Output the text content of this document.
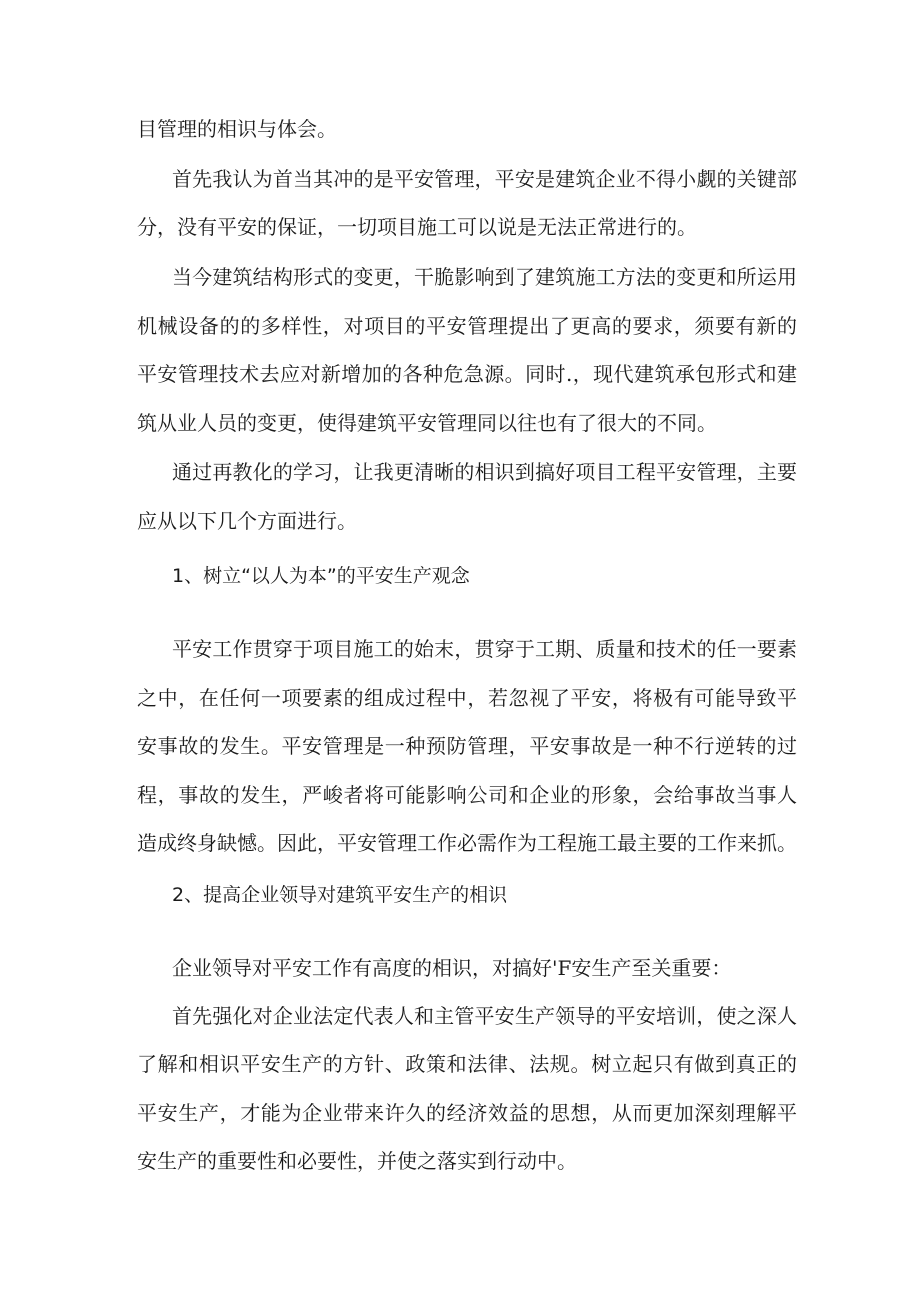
目管理的相识与体会。
首先我认为首当其冲的是平安管理，平安是建筑企业不得小觑的关键部
分，没有平安的保证，一切项目施工可以说是无法正常进行的。
当今建筑结构形式的变更，干脆影响到了建筑施工方法的变更和所运用
机械设备的的多样性，对项目的平安管理提出了更高的要求，须要有新的
平安管理技术去应对新增加的各种危急源。同时.，现代建筑承包形式和建
筑从业人员的变更，使得建筑平安管理同以往也有了很大的不同。
通过再教化的学习，让我更清晰的相识到搞好项目工程平安管理，主要
应从以下几个方面进行。
1、树立“以人为本”的平安生产观念
平安工作贯穿于项目施工的始末，贯穿于工期、质量和技术的任一要素
之中，在任何一项要素的组成过程中，若忽视了平安，将极有可能导致平
安事故的发生。平安管理是一种预防管理，平安事故是一种不行逆转的过
程，事故的发生，严峻者将可能影响公司和企业的形象，会给事故当事人
造成终身缺憾。因此，平安管理工作必需作为工程施工最主要的工作来抓。
2、提高企业领导对建筑平安生产的相识
企业领导对平安工作有高度的相识，对搞好'F安生产至关重要：
首先强化对企业法定代表人和主管平安生产领导的平安培训，使之深人
了解和相识平安生产的方针、政策和法律、法规。树立起只有做到真正的
平安生产，才能为企业带来许久的经济效益的思想，从而更加深刻理解平
安生产的重要性和必要性，并使之落实到行动中。
